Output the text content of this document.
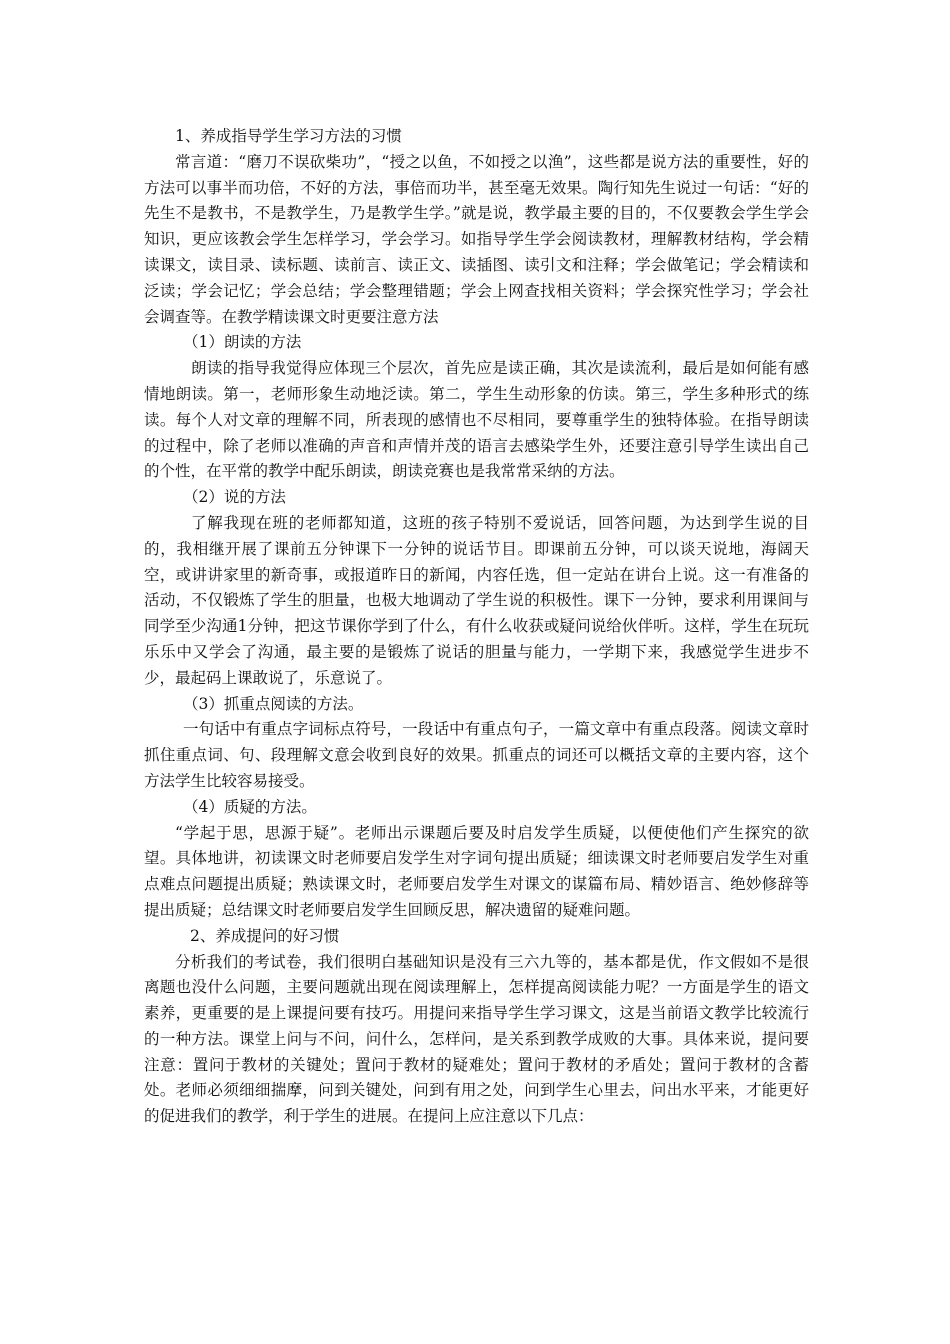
1、养成指导学生学习方法的习惯

常言道：“磨刀不误砍柴功”，“授之以鱼，不如授之以渔”，这些都是说方法的重要性，好的方法可以事半而功倍，不好的方法，事倍而功半，甚至毫无效果。陶行知先生说过一句话：“好的先生不是教书，不是教学生，乃是教学生学。”就是说，教学最主要的目的，不仅要教会学生学会知识，更应该教会学生怎样学习，学会学习。如指导学生学会阅读教材，理解教材结构，学会精读课文，读目录、读标题、读前言、读正文、读插图、读引文和注释；学会做笔记；学会精读和泛读；学会记忆；学会总结；学会整理错题；学会上网查找相关资料；学会探究性学习；学会社会调查等。在教学精读课文时更要注意方法

（1）朗读的方法

朗读的指导我觉得应体现三个层次，首先应是读正确，其次是读流利，最后是如何能有感情地朗读。第一，老师形象生动地泛读。第二，学生生动形象的仿读。第三，学生多种形式的练读。每个人对文章的理解不同，所表现的感情也不尽相同，要尊重学生的独特体验。在指导朗读的过程中，除了老师以准确的声音和声情并茂的语言去感染学生外，还要注意引导学生读出自己的个性，在平常的教学中配乐朗读，朗读竞赛也是我常常采纳的方法。

（2）说的方法

了解我现在班的老师都知道，这班的孩子特别不爱说话，回答问题，为达到学生说的目的，我相继开展了课前五分钟课下一分钟的说话节目。即课前五分钟，可以谈天说地，海阔天空，或讲讲家里的新奇事，或报道昨日的新闻，内容任选，但一定站在讲台上说。这一有准备的活动，不仅锻炼了学生的胆量，也极大地调动了学生说的积极性。课下一分钟，要求利用课间与同学至少沟通1分钟，把这节课你学到了什么，有什么收获或疑问说给伙伴听。这样，学生在玩玩乐乐中又学会了沟通，最主要的是锻炼了说话的胆量与能力，一学期下来，我感觉学生进步不少，最起码上课敢说了，乐意说了。

（3）抓重点阅读的方法。

一句话中有重点字词标点符号，一段话中有重点句子，一篇文章中有重点段落。阅读文章时抓住重点词、句、段理解文意会收到良好的效果。抓重点的词还可以概括文章的主要内容，这个方法学生比较容易接受。

（4）质疑的方法。

“学起于思，思源于疑”。老师出示课题后要及时启发学生质疑，以便使他们产生探究的欲望。具体地讲，初读课文时老师要启发学生对字词句提出质疑；细读课文时老师要启发学生对重点难点问题提出质疑；熟读课文时，老师要启发学生对课文的谋篇布局、精妙语言、绝妙修辞等提出质疑；总结课文时老师要启发学生回顾反思，解决遗留的疑难问题。

2、养成提问的好习惯

分析我们的考试卷，我们很明白基础知识是没有三六九等的，基本都是优，作文假如不是很离题也没什么问题，主要问题就出现在阅读理解上，怎样提高阅读能力呢？一方面是学生的语文素养，更重要的是上课提问要有技巧。用提问来指导学生学习课文，这是当前语文教学比较流行的一种方法。课堂上问与不问，问什么，怎样问，是关系到教学成败的大事。具体来说，提问要注意：置问于教材的关键处；置问于教材的疑难处；置问于教材的矛盾处；置问于教材的含蓄处。老师必须细细揣摩，问到关键处，问到有用之处，问到学生心里去，问出水平来，才能更好的促进我们的教学，利于学生的进展。在提问上应注意以下几点：
